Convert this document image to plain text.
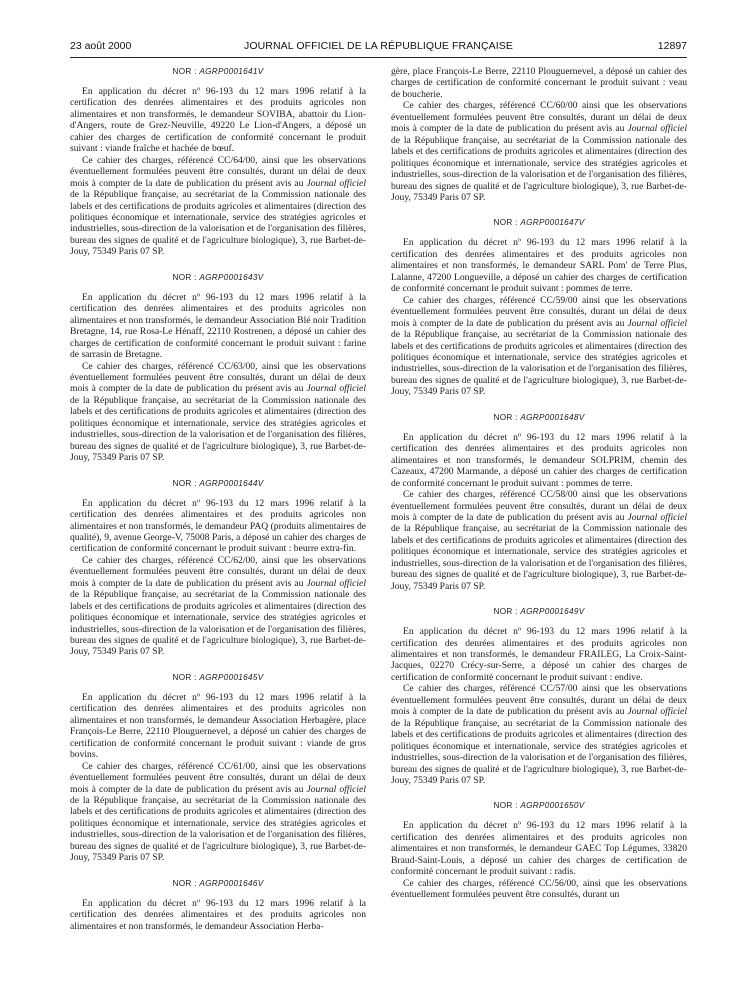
23 août 2000	JOURNAL OFFICIEL DE LA RÉPUBLIQUE FRANÇAISE	12897
NOR : AGRP0001641V

En application du décret nº 96-193 du 12 mars 1996 relatif à la certification des denrées alimentaires et des produits agricoles non alimentaires et non transformés, le demandeur SOVIBA, abattoir du Lion-d'Angers, route de Grez-Neuville, 49220 Le Lion-d'Angers, a déposé un cahier des charges de certification de conformité concernant le produit suivant : viande fraîche et hachée de bœuf.

Ce cahier des charges, référencé CC/64/00, ainsi que les observations éventuellement formulées peuvent être consultés, durant un délai de deux mois à compter de la date de publication du présent avis au Journal officiel de la République française, au secrétariat de la Commission nationale des labels et des certifications de produits agricoles et alimentaires (direction des politiques économique et internationale, service des stratégies agricoles et industrielles, sous-direction de la valorisation et de l'organisation des filières, bureau des signes de qualité et de l'agriculture biologique), 3, rue Barbet-de-Jouy, 75349 Paris 07 SP.

NOR : AGRP0001643V

En application du décret nº 96-193 du 12 mars 1996 relatif à la certification des denrées alimentaires et des produits agricoles non alimentaires et non transformés, le demandeur Association Blé noir Tradition Bretagne, 14, rue Rosa-Le Hénaff, 22110 Rostrenen, a déposé un cahier des charges de certification de conformité concernant le produit suivant : farine de sarrasin de Bretagne.

Ce cahier des charges, référencé CC/63/00, ainsi que les observations éventuellement formulées peuvent être consultés, durant un délai de deux mois à compter de la date de publication du présent avis au Journal officiel de la République française, au secrétariat de la Commission nationale des labels et des certifications de produits agricoles et alimentaires (direction des politiques économique et internationale, service des stratégies agricoles et industrielles, sous-direction de la valorisation et de l'organisation des filières, bureau des signes de qualité et de l'agriculture biologique), 3, rue Barbet-de-Jouy, 75349 Paris 07 SP.

NOR : AGRP0001644V

En application du décret nº 96-193 du 12 mars 1996 relatif à la certification des denrées alimentaires et des produits agricoles non alimentaires et non transformés, le demandeur PAQ (produits alimentaires de qualité), 9, avenue George-V, 75008 Paris, a déposé un cahier des charges de certification de conformité concernant le produit suivant : beurre extra-fin.

Ce cahier des charges, référencé CC/62/00, ainsi que les observations éventuellement formulées peuvent être consultés, durant un délai de deux mois à compter de la date de publication du présent avis au Journal officiel de la République française, au secrétariat de la Commission nationale des labels et des certifications de produits agricoles et alimentaires (direction des politiques économique et internationale, service des stratégies agricoles et industrielles, sous-direction de la valorisation et de l'organisation des filières, bureau des signes de qualité et de l'agriculture biologique), 3, rue Barbet-de-Jouy, 75349 Paris 07 SP.

NOR : AGRP0001645V

En application du décret nº 96-193 du 12 mars 1996 relatif à la certification des denrées alimentaires et des produits agricoles non alimentaires et non transformés, le demandeur Association Herbagère, place François-Le Berre, 22110 Plouguernevel, a déposé un cahier des charges de certification de conformité concernant le produit suivant : viande de gros bovins.

Ce cahier des charges, référencé CC/61/00, ainsi que les observations éventuellement formulées peuvent être consultés, durant un délai de deux mois à compter de la date de publication du présent avis au Journal officiel de la République française, au secrétariat de la Commission nationale des labels et des certifications de produits agricoles et alimentaires (direction des politiques économique et internationale, service des stratégies agricoles et industrielles, sous-direction de la valorisation et de l'organisation des filières, bureau des signes de qualité et de l'agriculture biologique), 3, rue Barbet-de-Jouy, 75349 Paris 07 SP.

NOR : AGRP0001646V

En application du décret nº 96-193 du 12 mars 1996 relatif à la certification des denrées alimentaires et des produits agricoles non alimentaires et non transformés, le demandeur Association Herba-

gère, place François-Le Berre, 22110 Plouguernevel, a déposé un cahier des charges de certification de conformité concernant le produit suivant : veau de boucherie.

Ce cahier des charges, référencé CC/60/00 ainsi que les observations éventuellement formulées peuvent être consultés, durant un délai de deux mois à compter de la date de publication du présent avis au Journal officiel de la République française, au secrétariat de la Commission nationale des labels et des certifications de produits agricoles et alimentaires (direction des politiques économique et internationale, service des stratégies agricoles et industrielles, sous-direction de la valorisation et de l'organisation des filières, bureau des signes de qualité et de l'agriculture biologique), 3, rue Barbet-de-Jouy, 75349 Paris 07 SP.

NOR : AGRP0001647V

En application du décret nº 96-193 du 12 mars 1996 relatif à la certification des denrées alimentaires et des produits agricoles non alimentaires et non transformés, le demandeur SARL Pom' de Terre Plus, Lalanne, 47200 Longueville, a déposé un cahier des charges de certification de conformité concernant le produit suivant : pommes de terre.

Ce cahier des charges, référencé CC/59/00 ainsi que les observations éventuellement formulées peuvent être consultés, durant un délai de deux mois à compter de la date de publication du présent avis au Journal officiel de la République française, au secrétariat de la Commission nationale des labels et des certifications de produits agricoles et alimentaires (direction des politiques économique et internationale, service des stratégies agricoles et industrielles, sous-direction de la valorisation et de l'organisation des filières, bureau des signes de qualité et de l'agriculture biologique), 3, rue Barbet-de-Jouy, 75349 Paris 07 SP.

NOR : AGRP0001648V

En application du décret nº 96-193 du 12 mars 1996 relatif à la certification des denrées alimentaires et des produits agricoles non alimentaires et non transformés, le demandeur SOLPRIM, chemin des Cazeaux, 47200 Marmande, a déposé un cahier des charges de certification de conformité concernant le produit suivant : pommes de terre.

Ce cahier des charges, référencé CC/58/00 ainsi que les observations éventuellement formulées peuvent être consultés, durant un délai de deux mois à compter de la date de publication du présent avis au Journal officiel de la République française, au secrétariat de la Commission nationale des labels et des certifications de produits agricoles et alimentaires (direction des politiques économique et internationale, service des stratégies agricoles et industrielles, sous-direction de la valorisation et de l'organisation des filières, bureau des signes de qualité et de l'agriculture biologique), 3, rue Barbet-de-Jouy, 75349 Paris 07 SP.

NOR : AGRP0001649V

En application du décret nº 96-193 du 12 mars 1996 relatif à la certification des denrées alimentaires et des produits agricoles non alimentaires et non transformés, le demandeur FRAILEG, La Croix-Saint-Jacques, 02270 Crécy-sur-Serre, a déposé un cahier des charges de certification de conformité concernant le produit suivant : endive.

Ce cahier des charges, référencé CC/57/00 ainsi que les observations éventuellement formulées peuvent être consultés, durant un délai de deux mois à compter de la date de publication du présent avis au Journal officiel de la République française, au secrétariat de la Commission nationale des labels et des certifications de produits agricoles et alimentaires (direction des politiques économique et internationale, service des stratégies agricoles et industrielles, sous-direction de la valorisation et de l'organisation des filières, bureau des signes de qualité et de l'agriculture biologique), 3, rue Barbet-de-Jouy, 75349 Paris 07 SP.

NOR : AGRP0001650V

En application du décret nº 96-193 du 12 mars 1996 relatif à la certification des denrées alimentaires et des produits agricoles non alimentaires et non transformés, le demandeur GAEC Top Légumes, 33820 Braud-Saint-Louis, a déposé un cahier des charges de certification de conformité concernant le produit suivant : radis.

Ce cahier des charges, référencé CC/56/00, ainsi que les observations éventuellement formulées peuvent être consultés, durant un
